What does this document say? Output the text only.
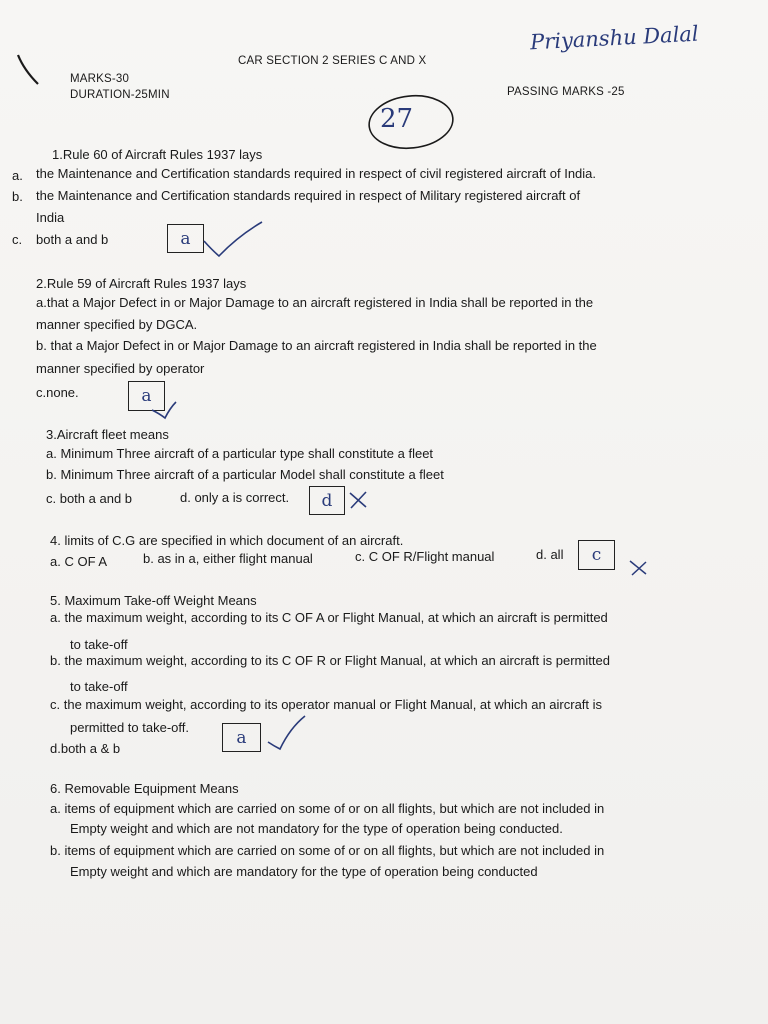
CAR SECTION 2 SERIES C AND X
MARKS-30
DURATION-25MIN	PASSING MARKS -25
Priyanshu Dalal
27
1.Rule 60 of Aircraft Rules 1937 lays
a. the Maintenance and Certification standards required in respect of civil registered aircraft of India.
b. the Maintenance and Certification standards required in respect of Military registered aircraft of
India
c. both a and b	a
2.Rule 59 of Aircraft Rules 1937 lays
a.that a Major Defect in or Major Damage to an aircraft registered in India shall be reported in the
manner specified by DGCA.
b. that a Major Defect in or Major Damage to an aircraft registered in India shall be reported in the
manner specified by operator
c.none.	a
3.Aircraft fleet means
a. Minimum Three aircraft of a particular type shall constitute a fleet
b. Minimum Three aircraft of a particular Model shall constitute a fleet
c. both a and b	d. only a is correct.	d
4. limits of C.G are specified in which document of an aircraft.
a. C OF A	b. as in a, either flight manual	c. C OF R/Flight manual	d. all	c
5. Maximum Take-off Weight Means
a. the maximum weight, according to its C OF A or Flight Manual, at which an aircraft is permitted
to take-off
b. the maximum weight, according to its C OF R or Flight Manual, at which an aircraft is permitted
to take-off
c. the maximum weight, according to its operator manual or Flight Manual, at which an aircraft is
permitted to take-off.
d.both a & b
a
6. Removable Equipment Means
a. items of equipment which are carried on some of or on all flights, but which are not included in
Empty weight and which are not mandatory for the type of operation being conducted.
b. items of equipment which are carried on some of or on all flights, but which are not included in
Empty weight and which are mandatory for the type of operation being conducted
